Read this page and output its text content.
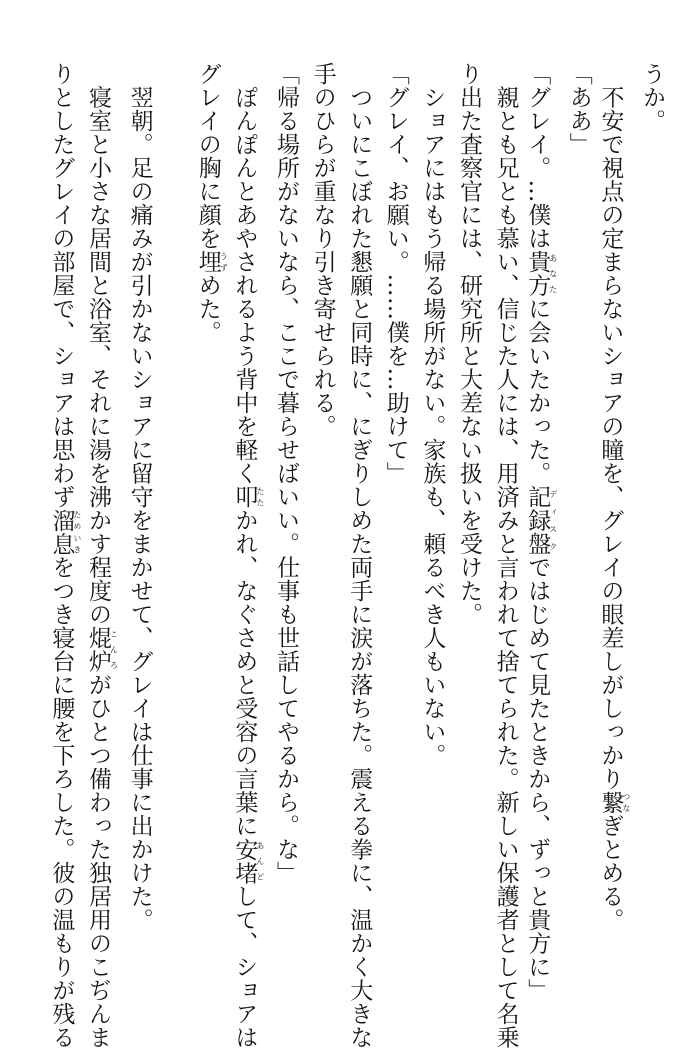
うか。
　不安で視点の定まらないショアの瞳を、グレイの眼差しがしっかり繋つなぎとめる。
「ああ」
「グレイ。…僕は貴方あなたに会いたかった。記録盤ディスクではじめて見たときから、ずっと貴方に」
　親とも兄とも慕い、信じた人には、用済みと言われて捨てられた。新しい保護者として名乗
り出た査察官には、研究所と大差ない扱いを受けた。
　ショアにはもう帰る場所がない。家族も、頼るべき人もいない。
「グレイ、お願い。……僕を…助けて」
　ついにこぼれた懇願と同時に、にぎりしめた両手に涙が落ちた。震える拳に、温かく大きな
手のひらが重なり引き寄せられる。
「帰る場所がないなら、ここで暮らせばいい。仕事も世話してやるから。な」
　ぽんぽんとあやされるよう背中を軽く叩たたかれ、なぐさめと受容の言葉に安堵あんどして、ショアは
グレイの胸に顔を埋うずめた。
　翌朝。足の痛みが引かないショアに留守をまかせて、グレイは仕事に出かけた。
　寝室と小さな居間と浴室、それに湯を沸かす程度の焜炉こんろがひとつ備わった独居用のこぢんま
りとしたグレイの部屋で、ショアは思わず溜息ためいきをつき寝台に腰を下ろした。彼の温もりが残る
